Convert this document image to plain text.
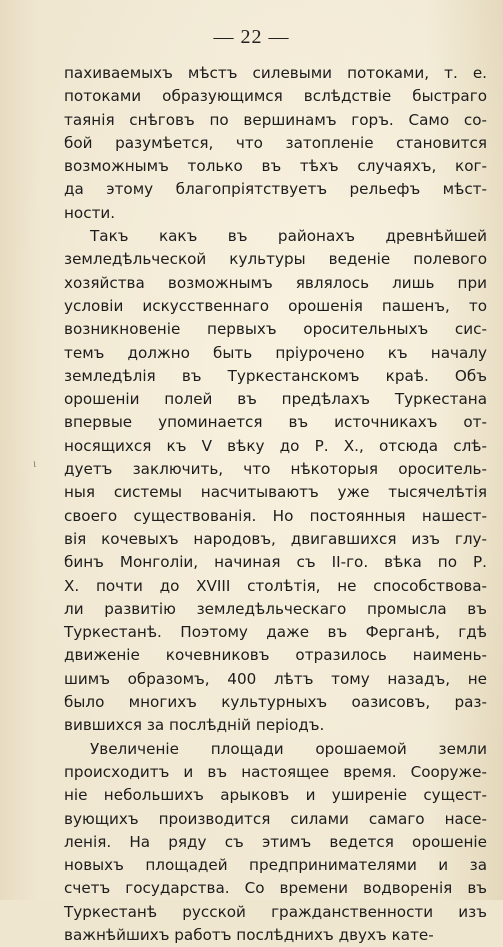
— 22 —
ι
пахиваемыхъ мѣстъ силевыми потоками, т. е.
потоками образующимся вслѣдствіе быстраго
таянія снѣговъ по вершинамъ горъ. Само со-
бой разумѣется, что затопленіе становится
возможнымъ только въ тѣхъ случаяхъ, ког-
да этому благопріятствуетъ рельефъ мѣст-
ности.
Такъ какъ въ районахъ древнѣйшей
земледѣльческой культуры веденіе полевого
хозяйства возможнымъ являлось лишь при
условіи искусственнаго орошенія пашенъ, то
возникновеніе первыхъ оросительныхъ сис-
темъ должно быть пріурочено къ началу
земледѣлія въ Туркестанскомъ краѣ. Объ
орошеніи полей въ предѣлахъ Туркестана
впервые упоминается въ источникахъ от-
носящихся къ V вѣку до Р. Х., отсюда слѣ-
дуетъ заключить, что нѣкоторыя ороситель-
ныя системы насчитываютъ уже тысячелѣтія
своего существованія. Но постоянныя нашест-
вія кочевыхъ народовъ, двигавшихся изъ глу-
бинъ Монголіи, начиная съ II-го. вѣка по Р.
Х. почти до XVIII столѣтія, не способствова-
ли развитію земледѣльческаго промысла въ
Туркестанѣ. Поэтому даже въ Ферганѣ, гдѣ
движеніе кочевниковъ отразилось наимень-
шимъ образомъ, 400 лѣтъ тому назадъ, не
было многихъ культурныхъ оазисовъ, раз-
вившихся за послѣдній періодъ.
Увеличеніе площади орошаемой земли
происходитъ и въ настоящее время. Сооруже-
ніе небольшихъ арыковъ и уширеніе сущест-
вующихъ производится силами самаго насе-
ленія. На ряду съ этимъ ведется орошеніе
новыхъ площадей предпринимателями и за
счетъ государства. Со времени водворенія въ
Туркестанѣ русской гражданственности изъ
важнѣйшихъ работъ послѣднихъ двухъ кате-
